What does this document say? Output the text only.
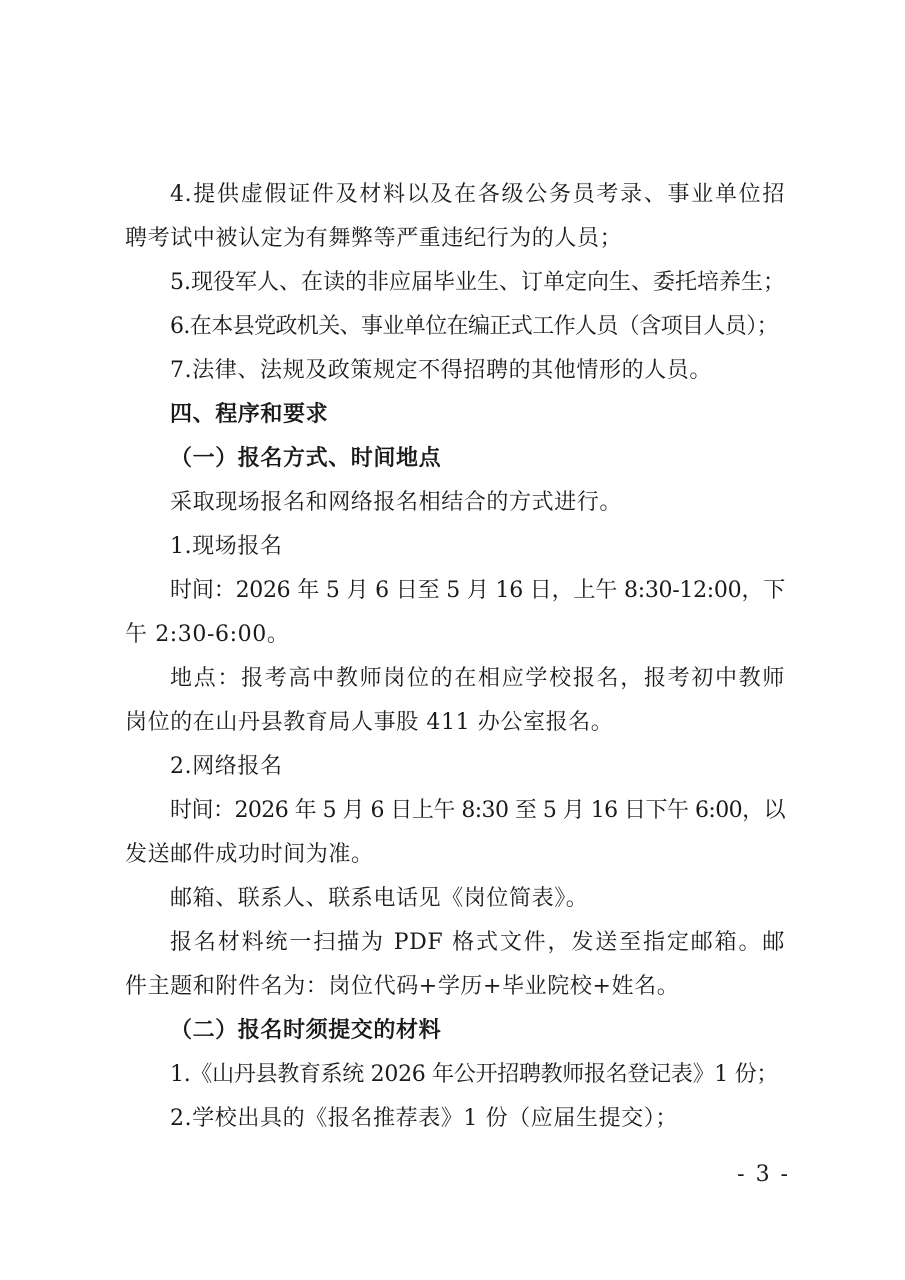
4.提供虚假证件及材料以及在各级公务员考录、事业单位招
聘考试中被认定为有舞弊等严重违纪行为的人员；
5.现役军人、在读的非应届毕业生、订单定向生、委托培养生；
6.在本县党政机关、事业单位在编正式工作人员（含项目人员）；
7.法律、法规及政策规定不得招聘的其他情形的人员。
四、程序和要求
（一）报名方式、时间地点
采取现场报名和网络报名相结合的方式进行。
1.现场报名
时间：2026 年 5 月 6 日至 5 月 16 日，上午 8:30-12:00，下
午 2:30-6:00。
地点：报考高中教师岗位的在相应学校报名，报考初中教师
岗位的在山丹县教育局人事股 411 办公室报名。
2.网络报名
时间：2026 年 5 月 6 日上午 8:30 至 5 月 16 日下午 6:00，以
发送邮件成功时间为准。
邮箱、联系人、联系电话见《岗位简表》。
报名材料统一扫描为 PDF 格式文件，发送至指定邮箱。邮
件主题和附件名为：岗位代码+学历+毕业院校+姓名。
（二）报名时须提交的材料
1.《山丹县教育系统 2026 年公开招聘教师报名登记表》1 份；
2.学校出具的《报名推荐表》1 份（应届生提交）；
- 3 -
